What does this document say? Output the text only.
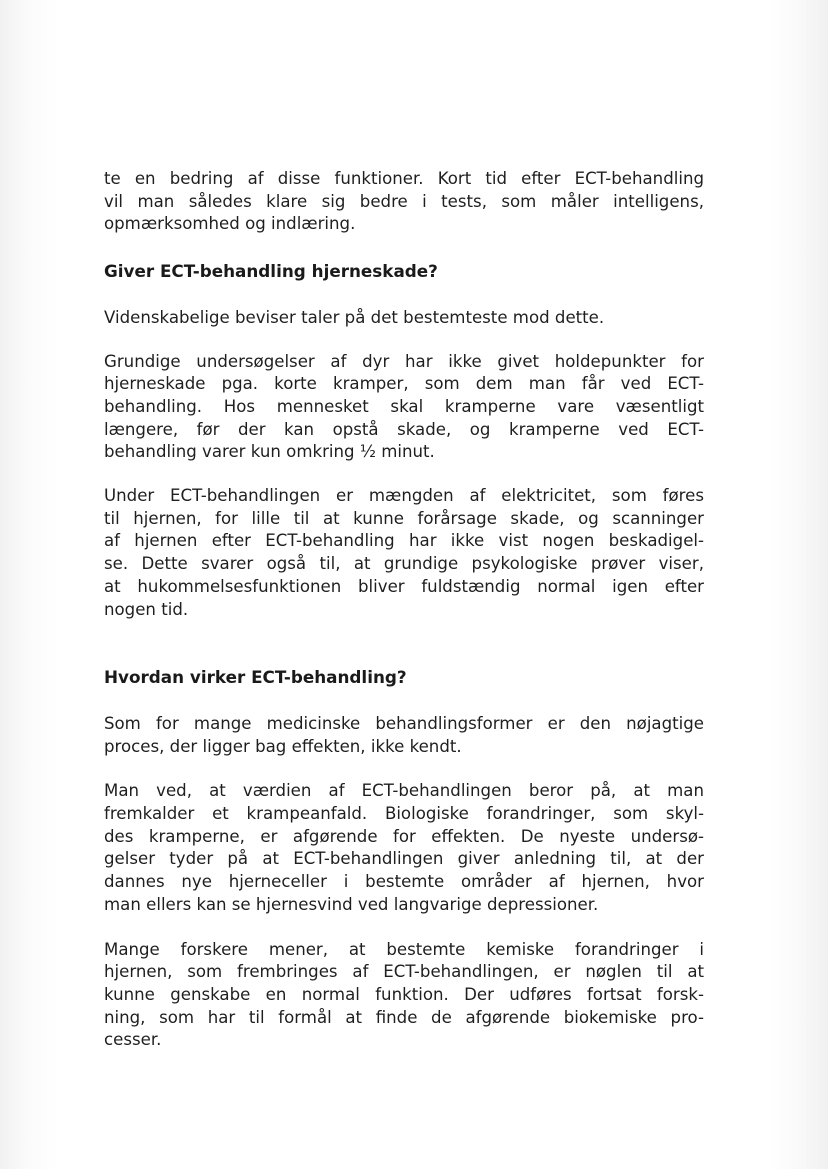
te en bedring af disse funktioner. Kort tid efter ECT-behandling
vil man således klare sig bedre i tests, som måler intelligens,
opmærksomhed og indlæring.

Giver ECT-behandling hjerneskade?

Videnskabelige beviser taler på det bestemteste mod dette.

Grundige undersøgelser af dyr har ikke givet holdepunkter for
hjerneskade pga. korte kramper, som dem man får ved ECT-
behandling. Hos mennesket skal kramperne vare væsentligt
længere, før der kan opstå skade, og kramperne ved ECT-
behandling varer kun omkring ½ minut.

Under ECT-behandlingen er mængden af elektricitet, som føres
til hjernen, for lille til at kunne forårsage skade, og scanninger
af hjernen efter ECT-behandling har ikke vist nogen beskadigel-
se. Dette svarer også til, at grundige psykologiske prøver viser,
at hukommelsesfunktionen bliver fuldstændig normal igen efter
nogen tid.

Hvordan virker ECT-behandling?

Som for mange medicinske behandlingsformer er den nøjagtige
proces, der ligger bag effekten, ikke kendt.

Man ved, at værdien af ECT-behandlingen beror på, at man
fremkalder et krampeanfald. Biologiske forandringer, som skyl-
des kramperne, er afgørende for effekten. De nyeste undersø-
gelser tyder på at ECT-behandlingen giver anledning til, at der
dannes nye hjerneceller i bestemte områder af hjernen, hvor
man ellers kan se hjernesvind ved langvarige depressioner.

Mange forskere mener, at bestemte kemiske forandringer i
hjernen, som frembringes af ECT-behandlingen, er nøglen til at
kunne genskabe en normal funktion. Der udføres fortsat forsk-
ning, som har til formål at finde de afgørende biokemiske pro-
cesser.
